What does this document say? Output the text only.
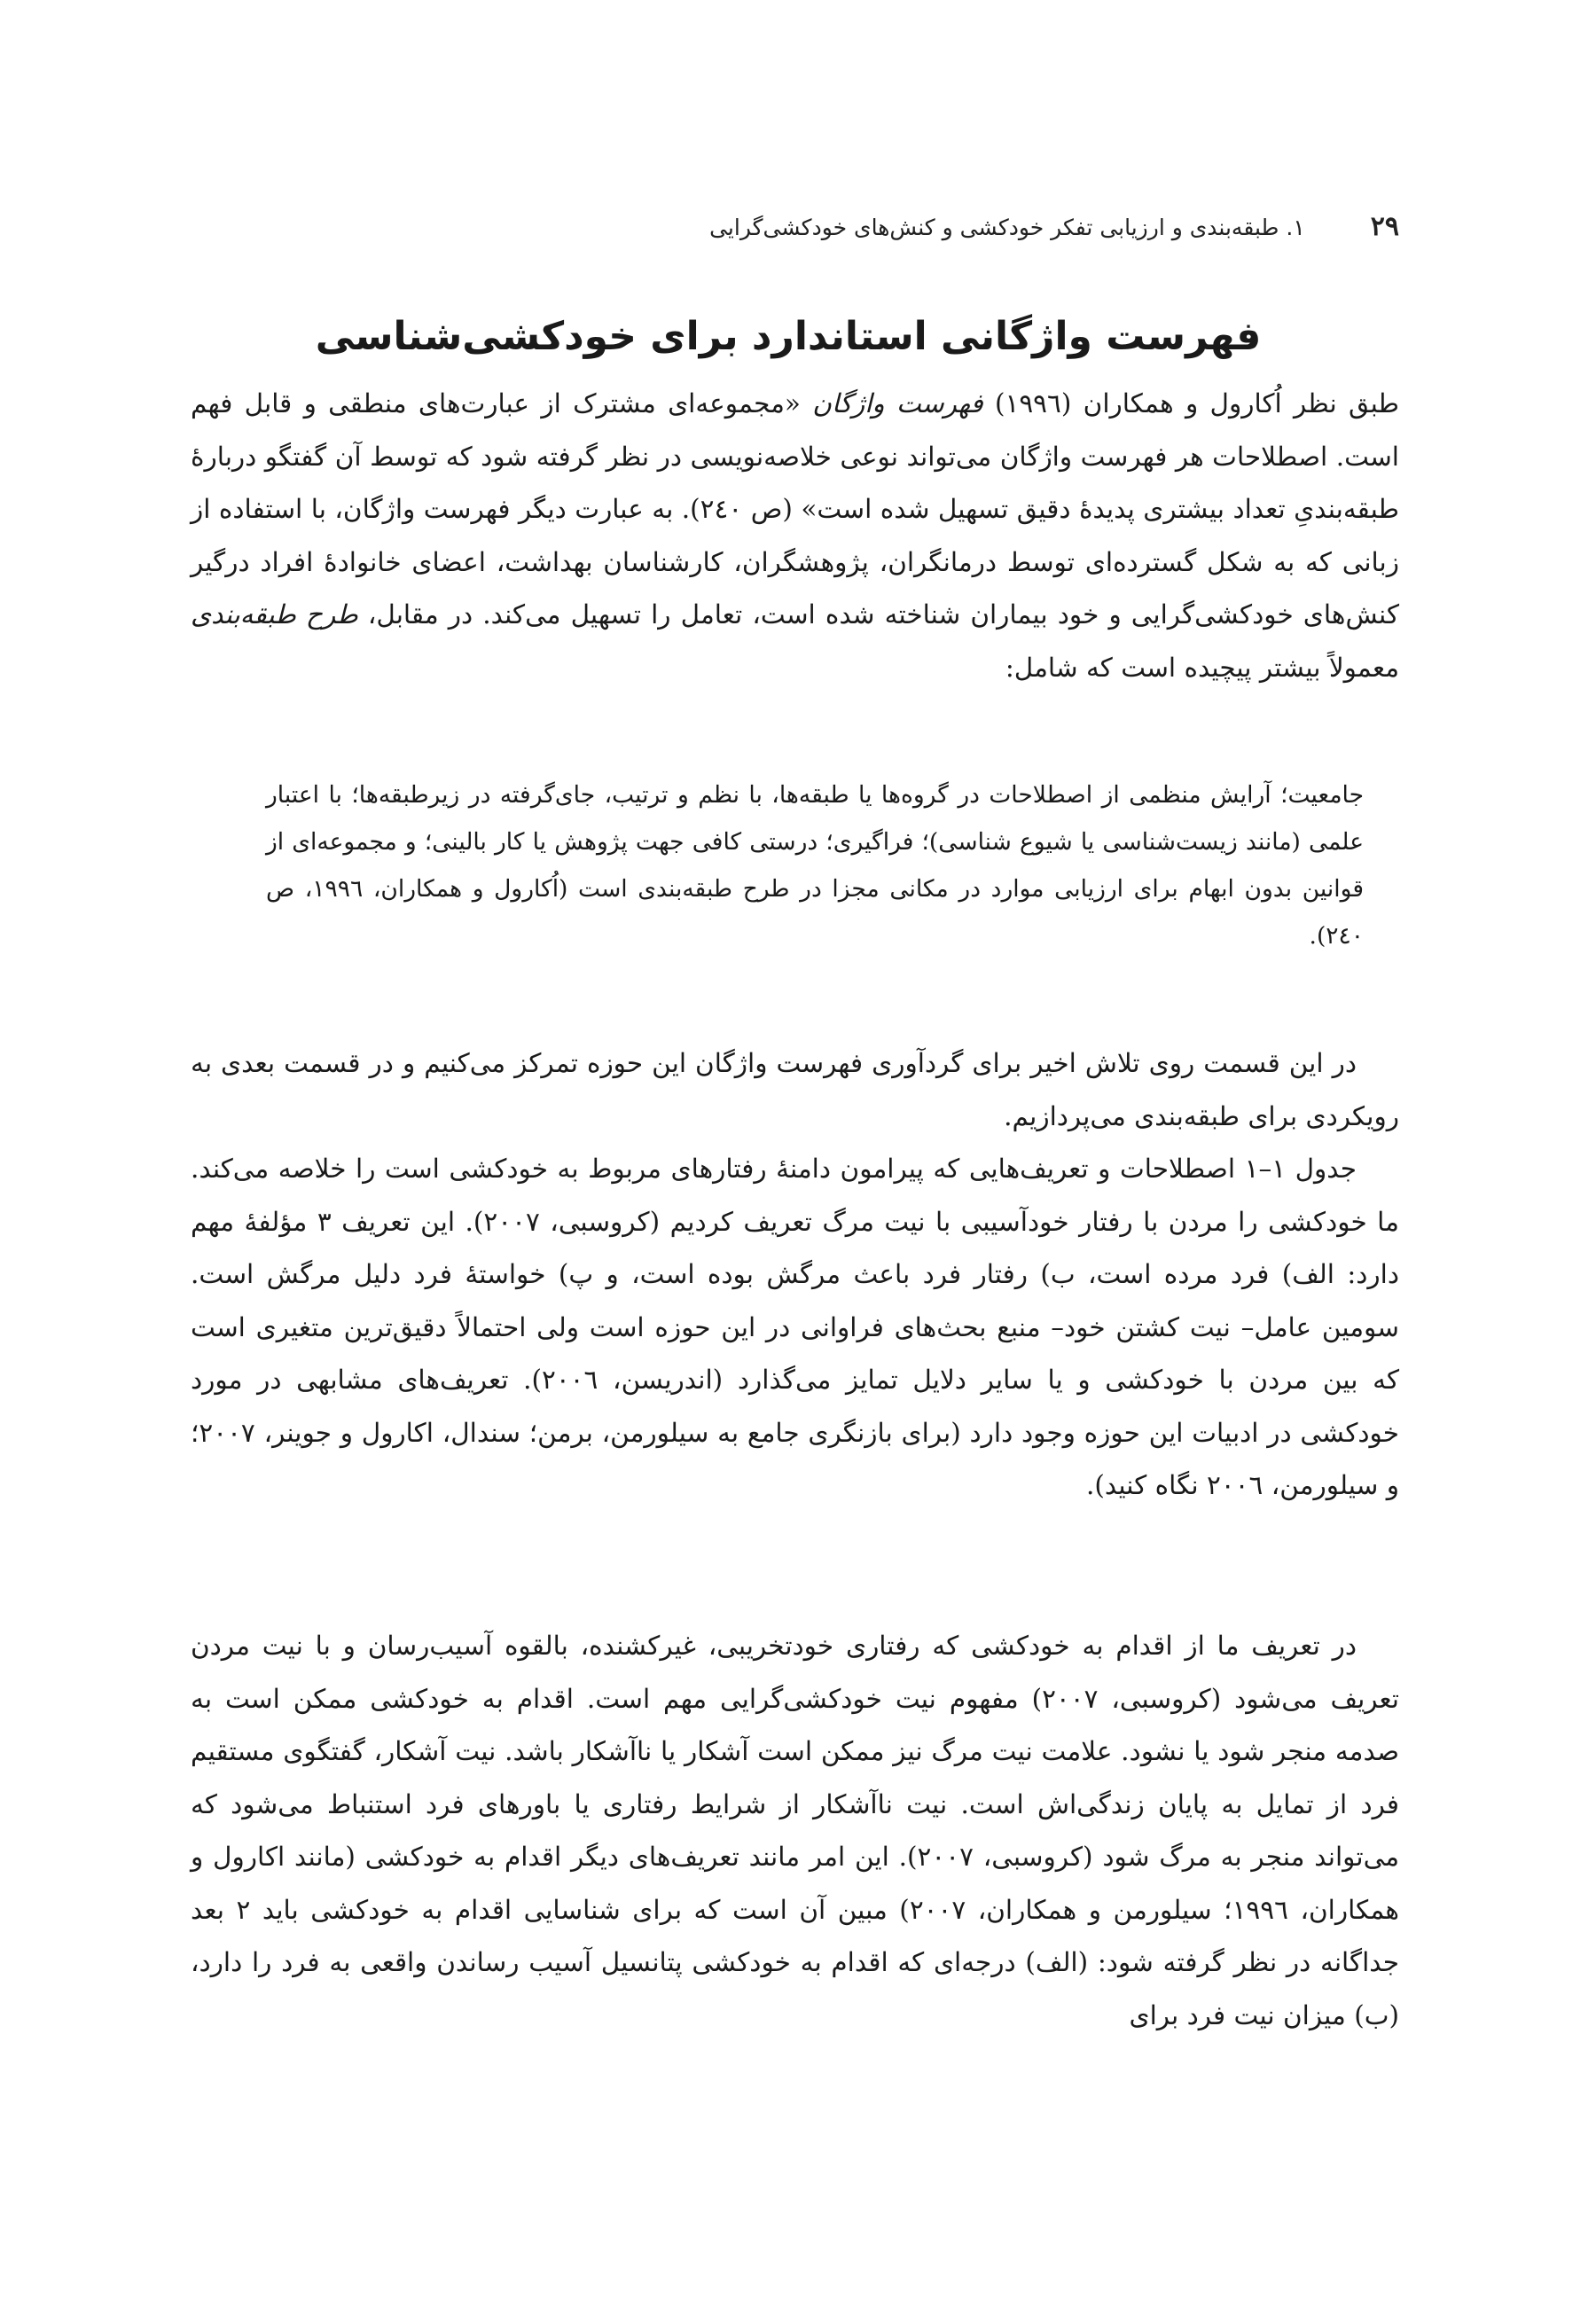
۲۹
۱. طبقه‌بندی و ارزیابی تفکر خودکشی و کنش‌های خودکشی‌گرایی
فهرست واژگانی استاندارد برای خودکشی‌شناسی

طبق نظر اُکارول و همکاران (۱۹۹٦) فهرست واژگان «مجموعه‌ای مشترک از عبارت‌های منطقی و قابل فهم است. اصطلاحات هر فهرست واژگان می‌تواند نوعی خلاصه‌نویسی در نظر گرفته شود که توسط آن گفتگو دربارۀ طبقه‌بندیِ تعداد بیشتری پدیدۀ دقیق تسهیل شده است» (ص ۲٤۰). به عبارت دیگر فهرست واژگان، با استفاده از زبانی که به شکل گسترده‌ای توسط درمانگران، پژوهشگران، کارشناسان بهداشت، اعضای خانوادۀ افراد درگیر کنش‌های خودکشی‌گرایی و خود بیماران شناخته شده است، تعامل را تسهیل می‌کند. در مقابل، طرح طبقه‌بندی معمولاً بیشتر پیچیده است که شامل:

جامعیت؛ آرایش منظمی از اصطلاحات در گروه‌ها یا طبقه‌ها، با نظم و ترتیب، جای‌گرفته در زیرطبقه‌ها؛ با اعتبار علمی (مانند زیست‌شناسی یا شیوع شناسی)؛ فراگیری؛ درستی کافی جهت پژوهش یا کار بالینی؛ و مجموعه‌ای از قوانین بدون ابهام برای ارزیابی موارد در مکانی مجزا در طرح طبقه‌بندی است (اُکارول و همکاران، ۱۹۹٦، ص ۲٤۰).

در این قسمت روی تلاش اخیر برای گردآوری فهرست واژگان این حوزه تمرکز می‌کنیم و در قسمت بعدی به رویکردی برای طبقه‌بندی می‌پردازیم.

جدول ۱–۱ اصطلاحات و تعریف‌هایی که پیرامون دامنۀ رفتارهای مربوط به خودکشی است را خلاصه می‌کند. ما خودکشی را مردن با رفتار خودآسیبی با نیت مرگ تعریف کردیم (کروسبی، ۲۰۰۷). این تعریف ۳ مؤلفۀ مهم دارد: الف) فرد مرده است، ب) رفتار فرد باعث مرگش بوده است، و پ) خواستۀ فرد دلیل مرگش است. سومین عامل– نیت کشتن خود– منبع بحث‌های فراوانی در این حوزه است ولی احتمالاً دقیق‌ترین متغیری است که بین مردن با خودکشی و یا سایر دلایل تمایز می‌گذارد (اندریسن، ۲۰۰٦). تعریف‌های مشابهی در مورد خودکشی در ادبیات این حوزه وجود دارد (برای بازنگری جامع به سیلورمن، برمن؛ سندال، اکارول و جوینر، ۲۰۰۷؛ و سیلورمن، ۲۰۰٦ نگاه کنید).

در تعریف ما از اقدام به خودکشی که رفتاری خودتخریبی، غیرکشنده، بالقوه آسیب‌رسان و با نیت مردن تعریف می‌شود (کروسبی، ۲۰۰۷) مفهوم نیت خودکشی‌گرایی مهم است. اقدام به خودکشی ممکن است به صدمه منجر شود یا نشود. علامت نیت مرگ نیز ممکن است آشکار یا ناآشکار باشد. نیت آشکار، گفتگوی مستقیم فرد از تمایل به پایان زندگی‌اش است. نیت ناآشکار از شرایط رفتاری یا باورهای فرد استنباط می‌شود که می‌تواند منجر به مرگ شود (کروسبی، ۲۰۰۷). این امر مانند تعریف‌های دیگر اقدام به خودکشی (مانند اکارول و همکاران، ۱۹۹٦؛ سیلورمن و همکاران، ۲۰۰۷) مبین آن است که برای شناسایی اقدام به خودکشی باید ۲ بعد جداگانه در نظر گرفته شود: (الف) درجه‌ای که اقدام به خودکشی پتانسیل آسیب رساندن واقعی به فرد را دارد، (ب) میزان نیت فرد برای
